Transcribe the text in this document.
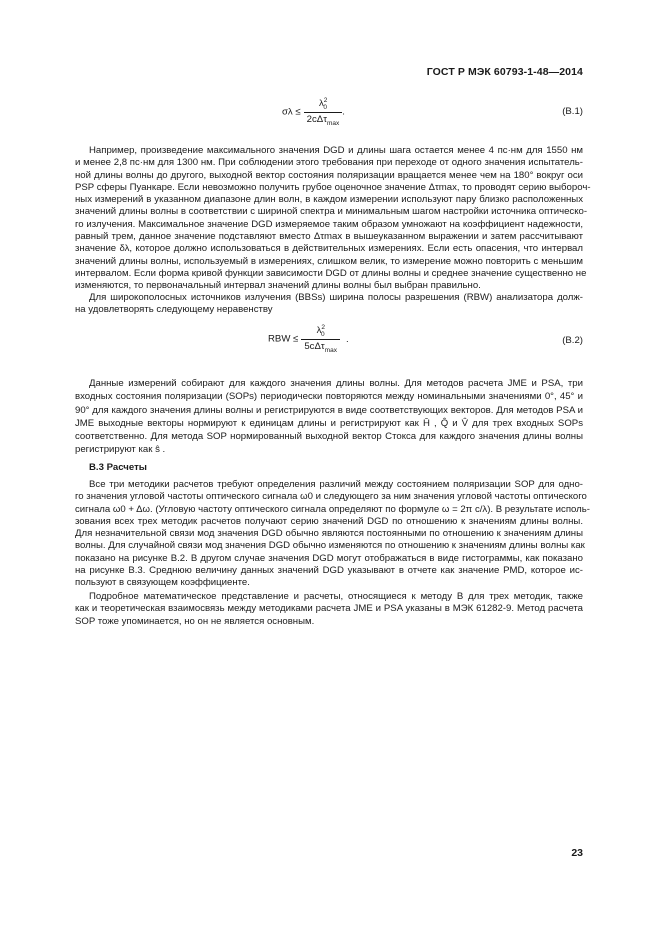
ГОСТ Р МЭК 60793-1-48—2014
$\sigma\lambda \le \frac{\lambda^2_0}{2c\Delta\tau_{max}}$ .	(B.1)
Например, произведение максимального значения DGD и длины шага остается менее 4 пс·нм для 1550 нм
и менее 2,8 пс·нм для 1300 нм. При соблюдении этого требования при переходе от одного значения испытатель-
ной длины волны до другого, выходной вектор состояния поляризации вращается менее чем на 180° вокруг оси
PSP сферы Пуанкаре. Если невозможно получить грубое оценочное значение Δτmax, то проводят серию выбороч-
ных измерений в указанном диапазоне длин волн, в каждом измерении используют пару близко расположенных
значений длины волны в соответствии с шириной спектра и минимальным шагом настройки источника оптическо-
го излучения. Максимальное значение DGD измеряемое таким образом умножают на коэффициент надежности,
равный трем, данное значение подставляют вместо Δτmax в вышеуказанном выражении и затем рассчитывают
значение δλ, которое должно использоваться в действительных измерениях. Если есть опасения, что интервал
значений длины волны, используемый в измерениях, слишком велик, то измерение можно повторить с меньшим
интервалом. Если форма кривой функции зависимости DGD от длины волны и среднее значение существенно не
изменяются, то первоначальный интервал значений длины волны был выбран правильно.
Для широкополосных источников излучения (BBSs) ширина полосы разрешения (RBW) анализатора долж-
на удовлетворять следующему неравенству
RBW ≤ $\frac{\lambda^2_0}{5c\Delta\tau_{max}}$ .	(B.2)
Данные измерений собирают для каждого значения длины волны. Для методов расчета JME и PSA, три
входных состояния поляризации (SOPs) периодически повторяются между номинальными значениями 0°, 45° и
90° для каждого значения длины волны и регистрируются в виде соответствующих векторов. Для методов PSA и
JME выходные векторы нормируют к единицам длины и регистрируют как Ĥ , Q̂ и V̂ для трех входных SOPs
соответственно. Для метода SOP нормированный выходной вектор Стокса для каждого значения длины волны
регистрируют как ŝ .
В.3 Расчеты
Все три методики расчетов требуют определения различий между состоянием поляризации SOP для одно-
го значения угловой частоты оптического сигнала ω0 и следующего за ним значения угловой частоты оптического
сигнала ω0 + Δω. (Угловую частоту оптического сигнала определяют по формуле ω = 2π c/λ). В результате исполь-
зования всех трех методик расчетов получают серию значений DGD по отношению к значениям длины волны.
Для незначительной связи мод значения DGD обычно являются постоянными по отношению к значениям длины
волны. Для случайной связи мод значения DGD обычно изменяются по отношению к значениям длины волны как
показано на рисунке В.2. В другом случае значения DGD могут отображаться в виде гистограммы, как показано
на рисунке В.3. Среднюю величину данных значений DGD указывают в отчете как значение PMD, которое ис-
пользуют в связующем коэффициенте.
Подробное математическое представление и расчеты, относящиеся к методу В для трех методик, также
как и теоретическая взаимосвязь между методиками расчета JME и PSA указаны в МЭК 61282-9. Метод расчета
SOP тоже упоминается, но он не является основным.
23
